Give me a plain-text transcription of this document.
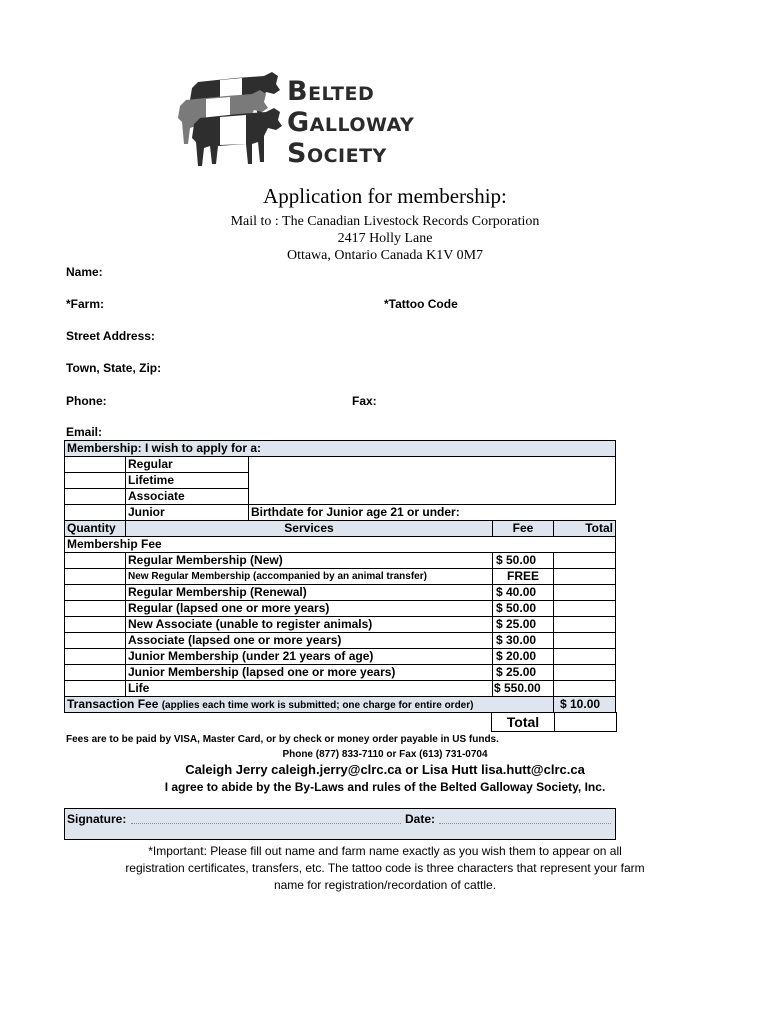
Belted
Galloway
Society
Application for membership:
Mail to : The Canadian Livestock Records Corporation
2417 Holly Lane
Ottawa, Ontario Canada K1V 0M7
Name:
*Farm:	*Tattoo Code
Street Address:
Town, State, Zip:
Phone:	Fax:
Email:
Membership: I wish to apply for a:
Regular
Lifetime
Associate
Junior	Birthdate for Junior age 21 or under:
Quantity	Services	Fee	Total
Membership Fee
Regular Membership (New)	$ 50.00
New Regular Membership (accompanied by an animal transfer)	FREE
Regular Membership (Renewal)	$ 40.00
Regular (lapsed one or more years)	$ 50.00
New Associate (unable to register animals)	$ 25.00
Associate (lapsed one or more years)	$ 30.00
Junior Membership (under 21 years of age)	$ 20.00
Junior Membership (lapsed one or more years)	$ 25.00
Life	$ 550.00
Transaction Fee (applies each time work is submitted; one charge for entire order)	$ 10.00
Total
Fees are to be paid by VISA, Master Card, or by check or money order payable in US funds.
Phone (877) 833-7110 or Fax (613) 731-0704
Caleigh Jerry caleigh.jerry@clrc.ca or Lisa Hutt lisa.hutt@clrc.ca
I agree to abide by the By-Laws and rules of the Belted Galloway Society, Inc.
Signature:	Date:
*Important: Please fill out name and farm name exactly as you wish them to appear on all
registration certificates, transfers, etc. The tattoo code is three characters that represent your farm
name for registration/recordation of cattle.
